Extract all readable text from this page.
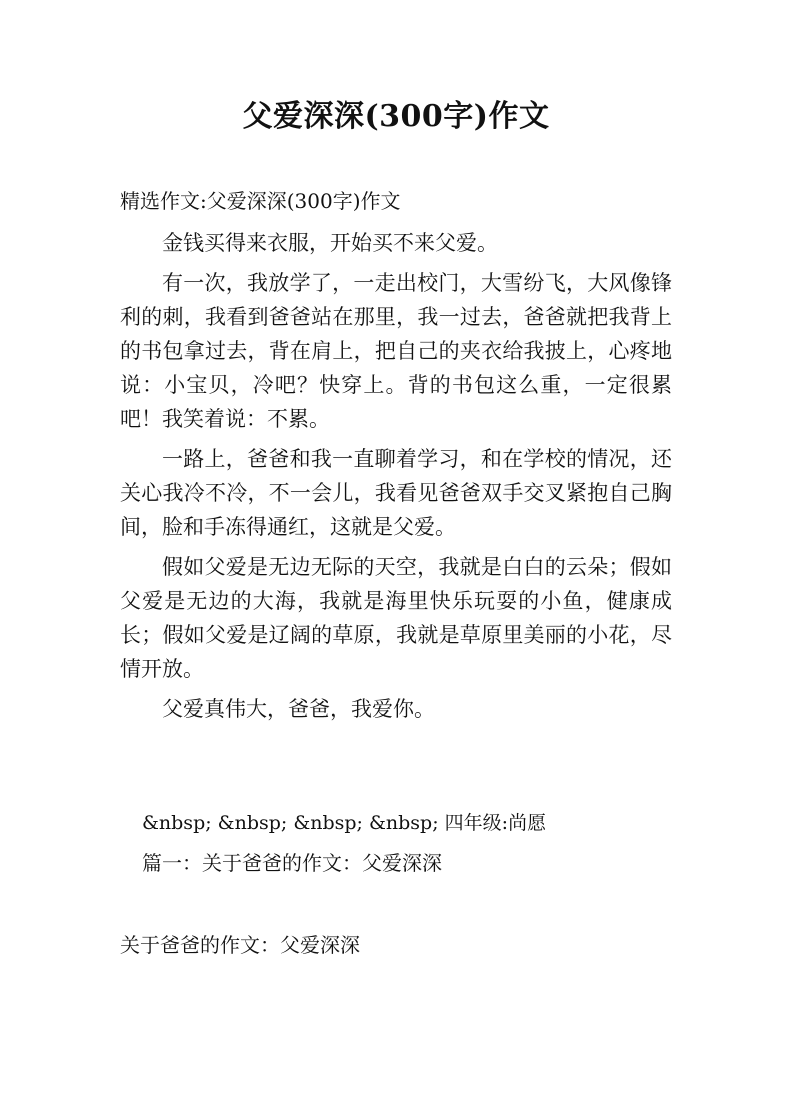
父爱深深(300字)作文
精选作文:父爱深深(300字)作文

金钱买得来衣服，开始买不来父爱。

有一次，我放学了，一走出校门，大雪纷飞，大风像锋利的刺，我看到爸爸站在那里，我一过去，爸爸就把我背上的书包拿过去，背在肩上，把自己的夹衣给我披上，心疼地说：小宝贝，冷吧？快穿上。背的书包这么重，一定很累吧！我笑着说：不累。

一路上，爸爸和我一直聊着学习，和在学校的情况，还关心我冷不冷，不一会儿，我看见爸爸双手交叉紧抱自己胸间，脸和手冻得通红，这就是父爱。

假如父爱是无边无际的天空，我就是白白的云朵；假如父爱是无边的大海，我就是海里快乐玩耍的小鱼，健康成长；假如父爱是辽阔的草原，我就是草原里美丽的小花，尽情开放。

父爱真伟大，爸爸，我爱你。

&nbsp; &nbsp; &nbsp; &nbsp; 四年级:尚愿
篇一：关于爸爸的作文：父爱深深
关于爸爸的作文：父爱深深
